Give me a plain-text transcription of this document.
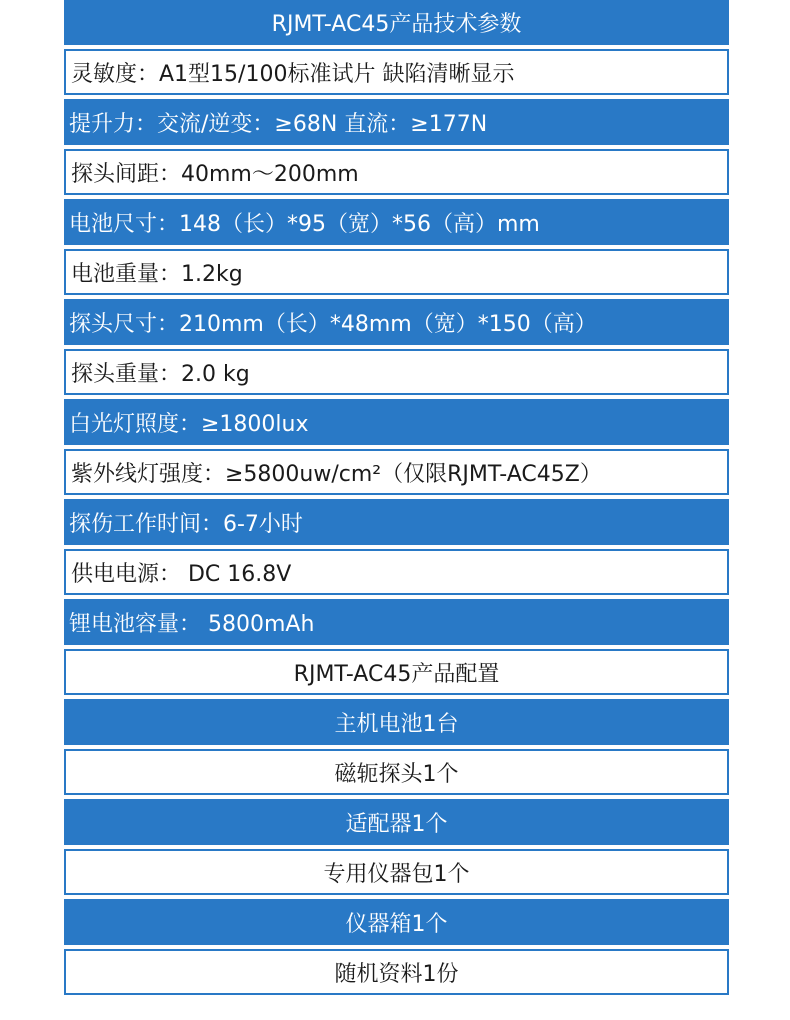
RJMT-AC45产品技术参数
灵敏度：A1型15/100标准试片 缺陷清晰显示
提升力：交流/逆变：≥68N 直流：≥177N
探头间距：40mm～200mm
电池尺寸：148（长）*95（宽）*56（高）mm
电池重量：1.2kg
探头尺寸：210mm（长）*48mm（宽）*150（高）
探头重量：2.0 kg
白光灯照度：≥1800lux
紫外线灯强度：≥5800uw/cm²（仅限RJMT-AC45Z）
探伤工作时间：6-7小时
供电电源： DC 16.8V
锂电池容量： 5800mAh
RJMT-AC45产品配置
主机电池1台
磁轭探头1个
适配器1个
专用仪器包1个
仪器箱1个
随机资料1份
